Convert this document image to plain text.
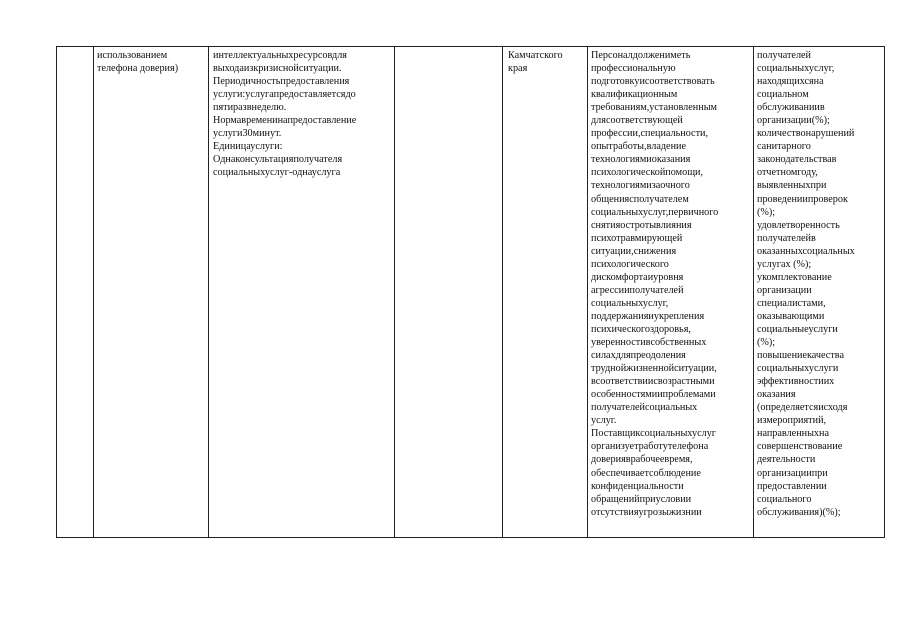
использованием
телефона доверия)
интеллектуальныхресурсовдля
выходаизкризиснойситуации.
Периодичностьпредоставления
услуги:услугапредоставляетсядо
пятиразвнеделю.
Нормавременинапредоставление
услуги30минут.
Единицауслуги:
Однаконсультацияполучателя
социальныхуслуг-однауслуга
Камчатского
края
Персоналдолжениметь
профессиональную
подготовкуисоответствовать
квалификационным
требованиям,установленным
длясоответствующей
профессии,специальности,
опытработы,владение
технологиямиоказания
психологическойпомощи,
технологиямизаочного
общениясполучателем
социальныхуслуг,первичного
снятияостротывлияния
психотравмирующей
ситуации,снижения
психологического
дискомфортаиуровня
агрессииполучателей
социальныхуслуг,
поддержанияиукрепления
психическогоздоровья,
уверенностивсобственных
силахдляпреодоления
труднойжизненнойситуации,
всоответствиисвозрастными
особенностямиипроблемами
получателейсоциальных
услуг.
Поставщиксоциальныхуслуг
организуетработутелефона
доверияврабочеевремя,
обеспечиваетсоблюдение
конфиденциальности
обращенийприусловии
отсутствияугрозыжизнии
получателей
социальныхуслуг,
находящихсяна
социальном
обслуживаниив
организации(%);
количествонарушений
санитарного
законодательствав
отчетномгоду,
выявленныхпри
проведениипроверок
(%);
удовлетворенность
получателейв
оказанныхсоциальных
услугах (%);
укомплектование
организации
специалистами,
оказывающими
социальныеуслуги
(%);
повышениекачества
социальныхуслуги
эффективностиих
оказания
(определяетсяисходя
измероприятий,
направленныхна
совершенствование
деятельности
организациипри
предоставлении
социального
обслуживания)(%);
